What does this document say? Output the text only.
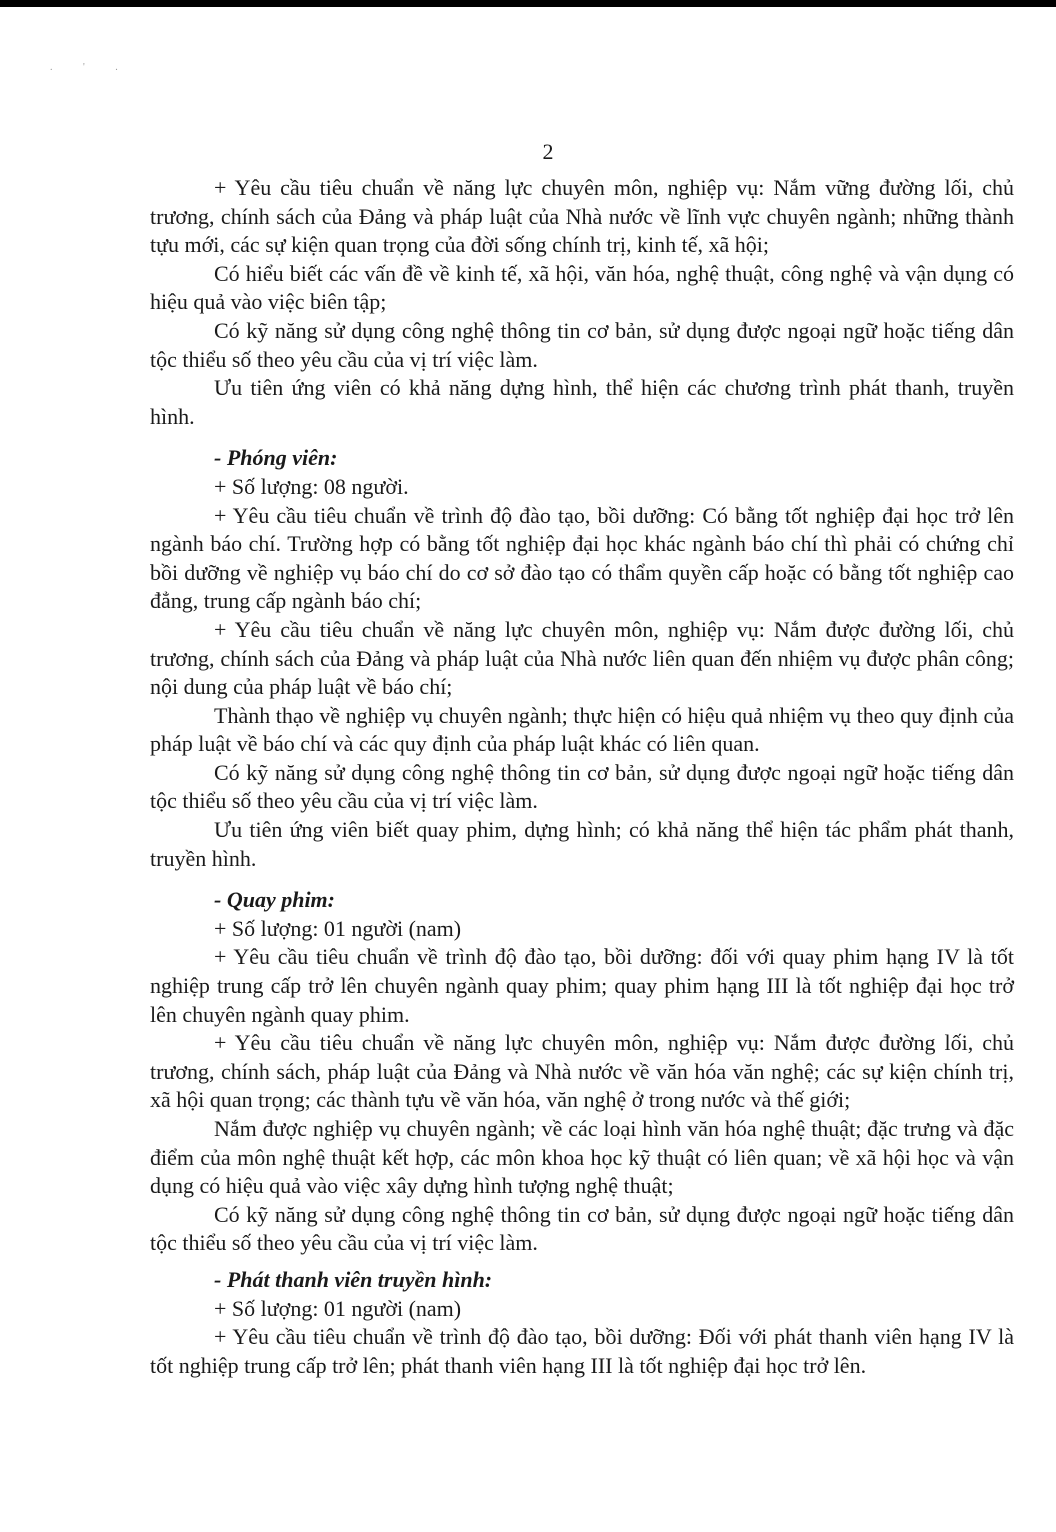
. ' .
2

+ Yêu cầu tiêu chuẩn về năng lực chuyên môn, nghiệp vụ: Nắm vững đường lối, chủ trương, chính sách của Đảng và pháp luật của Nhà nước về lĩnh vực chuyên ngành; những thành tựu mới, các sự kiện quan trọng của đời sống chính trị, kinh tế, xã hội;

Có hiểu biết các vấn đề về kinh tế, xã hội, văn hóa, nghệ thuật, công nghệ và vận dụng có hiệu quả vào việc biên tập;

Có kỹ năng sử dụng công nghệ thông tin cơ bản, sử dụng được ngoại ngữ hoặc tiếng dân tộc thiểu số theo yêu cầu của vị trí việc làm.

Ưu tiên ứng viên có khả năng dựng hình, thể hiện các chương trình phát thanh, truyền hình.

- Phóng viên:

+ Số lượng: 08 người.

+ Yêu cầu tiêu chuẩn về trình độ đào tạo, bồi dưỡng: Có bằng tốt nghiệp đại học trở lên ngành báo chí. Trường hợp có bằng tốt nghiệp đại học khác ngành báo chí thì phải có chứng chỉ bồi dưỡng về nghiệp vụ báo chí do cơ sở đào tạo có thẩm quyền cấp hoặc có bằng tốt nghiệp cao đẳng, trung cấp ngành báo chí;

+ Yêu cầu tiêu chuẩn về năng lực chuyên môn, nghiệp vụ: Nắm được đường lối, chủ trương, chính sách của Đảng và pháp luật của Nhà nước liên quan đến nhiệm vụ được phân công; nội dung của pháp luật về báo chí;

Thành thạo về nghiệp vụ chuyên ngành; thực hiện có hiệu quả nhiệm vụ theo quy định của pháp luật về báo chí và các quy định của pháp luật khác có liên quan.

Có kỹ năng sử dụng công nghệ thông tin cơ bản, sử dụng được ngoại ngữ hoặc tiếng dân tộc thiểu số theo yêu cầu của vị trí việc làm.

Ưu tiên ứng viên biết quay phim, dựng hình; có khả năng thể hiện tác phẩm phát thanh, truyền hình.

- Quay phim:

+ Số lượng: 01 người (nam)

+ Yêu cầu tiêu chuẩn về trình độ đào tạo, bồi dưỡng: đối với quay phim hạng IV là tốt nghiệp trung cấp trở lên chuyên ngành quay phim; quay phim hạng III là tốt nghiệp đại học trở lên chuyên ngành quay phim.

+ Yêu cầu tiêu chuẩn về năng lực chuyên môn, nghiệp vụ: Nắm được đường lối, chủ trương, chính sách, pháp luật của Đảng và Nhà nước về văn hóa văn nghệ; các sự kiện chính trị, xã hội quan trọng; các thành tựu về văn hóa, văn nghệ ở trong nước và thế giới;

Nắm được nghiệp vụ chuyên ngành; về các loại hình văn hóa nghệ thuật; đặc trưng và đặc điểm của môn nghệ thuật kết hợp, các môn khoa học kỹ thuật có liên quan; về xã hội học và vận dụng có hiệu quả vào việc xây dựng hình tượng nghệ thuật;

Có kỹ năng sử dụng công nghệ thông tin cơ bản, sử dụng được ngoại ngữ hoặc tiếng dân tộc thiểu số theo yêu cầu của vị trí việc làm.

- Phát thanh viên truyền hình:

+ Số lượng: 01 người (nam)

+ Yêu cầu tiêu chuẩn về trình độ đào tạo, bồi dưỡng: Đối với phát thanh viên hạng IV là tốt nghiệp trung cấp trở lên; phát thanh viên hạng III là tốt nghiệp đại học trở lên.
